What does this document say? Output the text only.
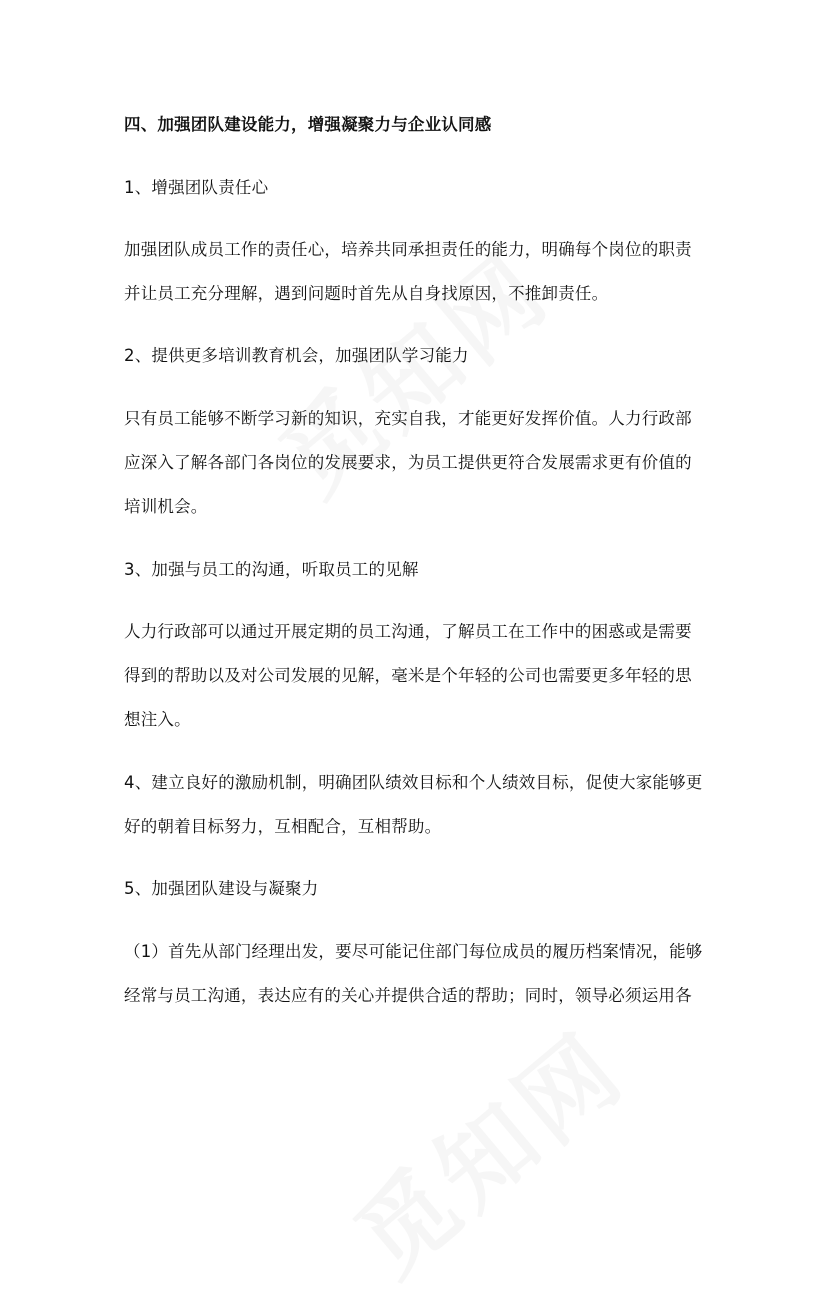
四、加强团队建设能力，增强凝聚力与企业认同感
1、增强团队责任心
加强团队成员工作的责任心，培养共同承担责任的能力，明确每个岗位的职责
并让员工充分理解，遇到问题时首先从自身找原因，不推卸责任。
2、提供更多培训教育机会，加强团队学习能力
只有员工能够不断学习新的知识，充实自我，才能更好发挥价值。人力行政部
应深入了解各部门各岗位的发展要求，为员工提供更符合发展需求更有价值的
培训机会。
3、加强与员工的沟通，听取员工的见解
人力行政部可以通过开展定期的员工沟通，了解员工在工作中的困惑或是需要
得到的帮助以及对公司发展的见解，毫米是个年轻的公司也需要更多年轻的思
想注入。
4、建立良好的激励机制，明确团队绩效目标和个人绩效目标，促使大家能够更
好的朝着目标努力，互相配合，互相帮助。
5、加强团队建设与凝聚力
（1）首先从部门经理出发，要尽可能记住部门每位成员的履历档案情况，能够
经常与员工沟通，表达应有的关心并提供合适的帮助；同时，领导必须运用各
